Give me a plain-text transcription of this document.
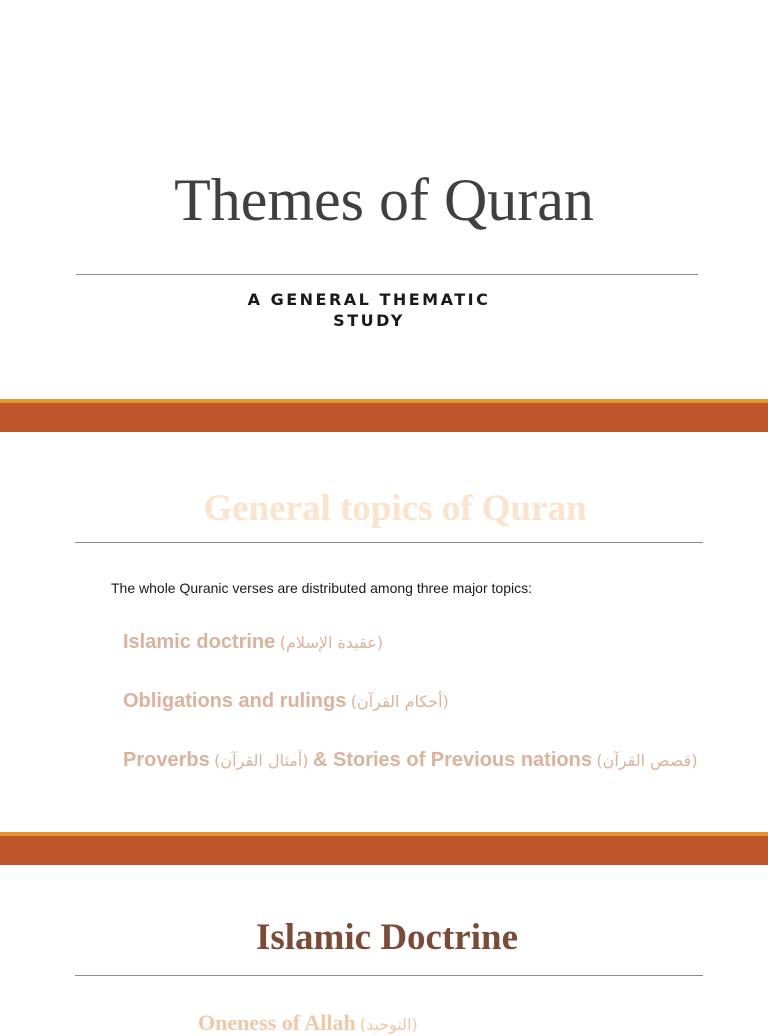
Themes of Quran
A GENERAL THEMATIC
STUDY
General topics of Quran
The whole Quranic verses are distributed among three major topics:
Islamic doctrine (عقيدة الإسلام)
Obligations and rulings (أحكام القرآن)
Proverbs (أمثال القرآن) & Stories of Previous nations (قصص القرآن)
Islamic Doctrine
Oneness of Allah (التوحيد)
